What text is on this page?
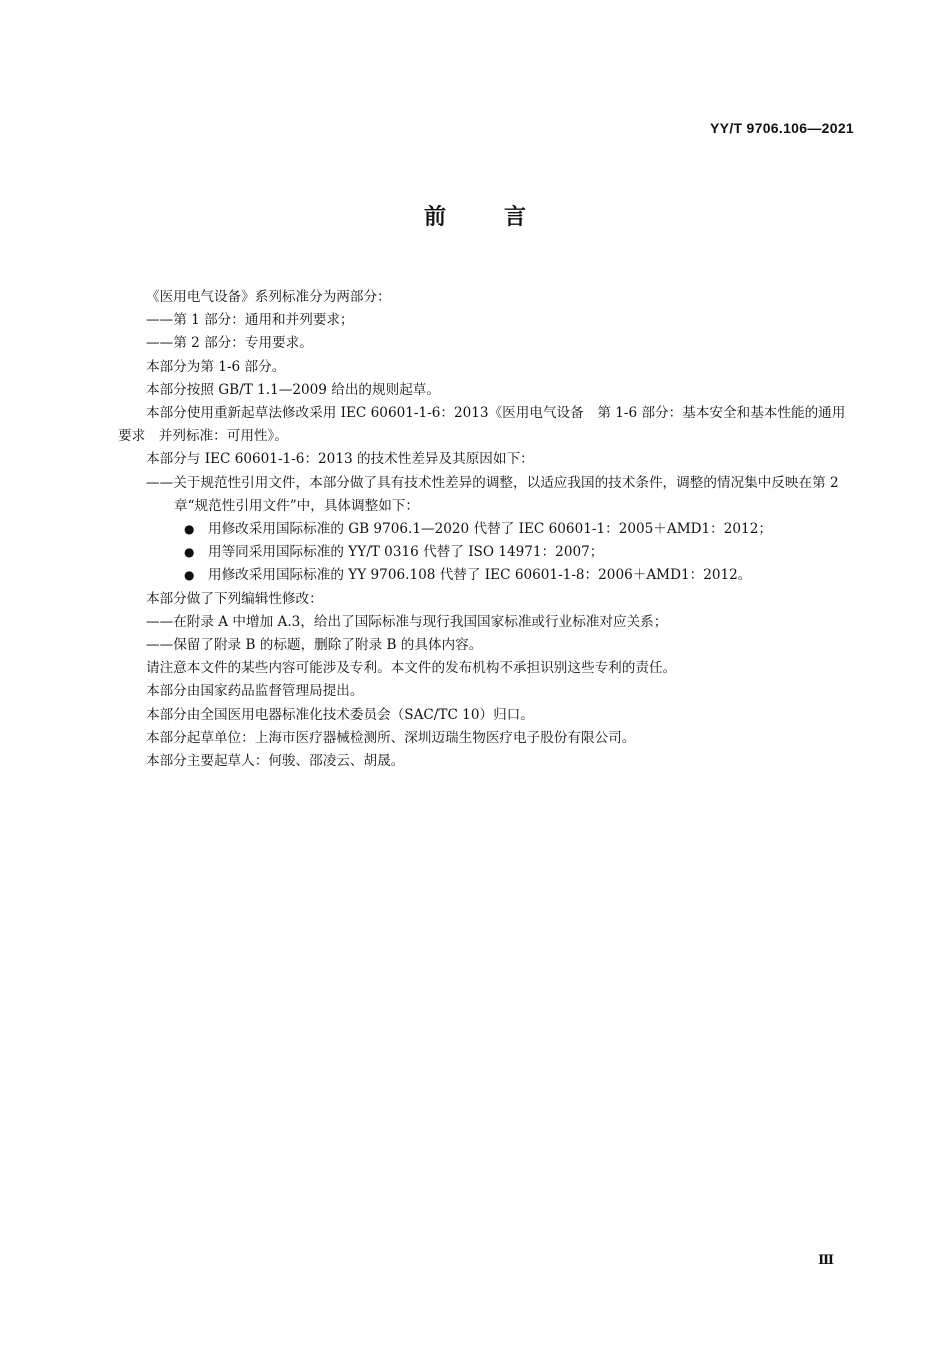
YY/T 9706.106—2021
前言

《医用电气设备》系列标准分为两部分：

——第 1 部分：通用和并列要求；

——第 2 部分：专用要求。

本部分为第 1-6 部分。

本部分按照 GB/T 1.1—2009 给出的规则起草。

本部分使用重新起草法修改采用 IEC 60601-1-6：2013《医用电气设备　第 1-6 部分：基本安全和基本性能的通用要求　并列标准：可用性》。

本部分与 IEC 60601-1-6：2013 的技术性差异及其原因如下：

——关于规范性引用文件，本部分做了具有技术性差异的调整，以适应我国的技术条件，调整的情况集中反映在第 2 章“规范性引用文件”中，具体调整如下：

● 用修改采用国际标准的 GB 9706.1—2020 代替了 IEC 60601-1：2005＋AMD1：2012；
● 用等同采用国际标准的 YY/T 0316 代替了 ISO 14971：2007；
● 用修改采用国际标准的 YY 9706.108 代替了 IEC 60601-1-8：2006＋AMD1：2012。

本部分做了下列编辑性修改：

——在附录 A 中增加 A.3，给出了国际标准与现行我国国家标准或行业标准对应关系；

——保留了附录 B 的标题，删除了附录 B 的具体内容。

请注意本文件的某些内容可能涉及专利。本文件的发布机构不承担识别这些专利的责任。

本部分由国家药品监督管理局提出。

本部分由全国医用电器标准化技术委员会（SAC/TC 10）归口。

本部分起草单位：上海市医疗器械检测所、深圳迈瑞生物医疗电子股份有限公司。

本部分主要起草人：何骏、邵凌云、胡晟。

Ⅲ
